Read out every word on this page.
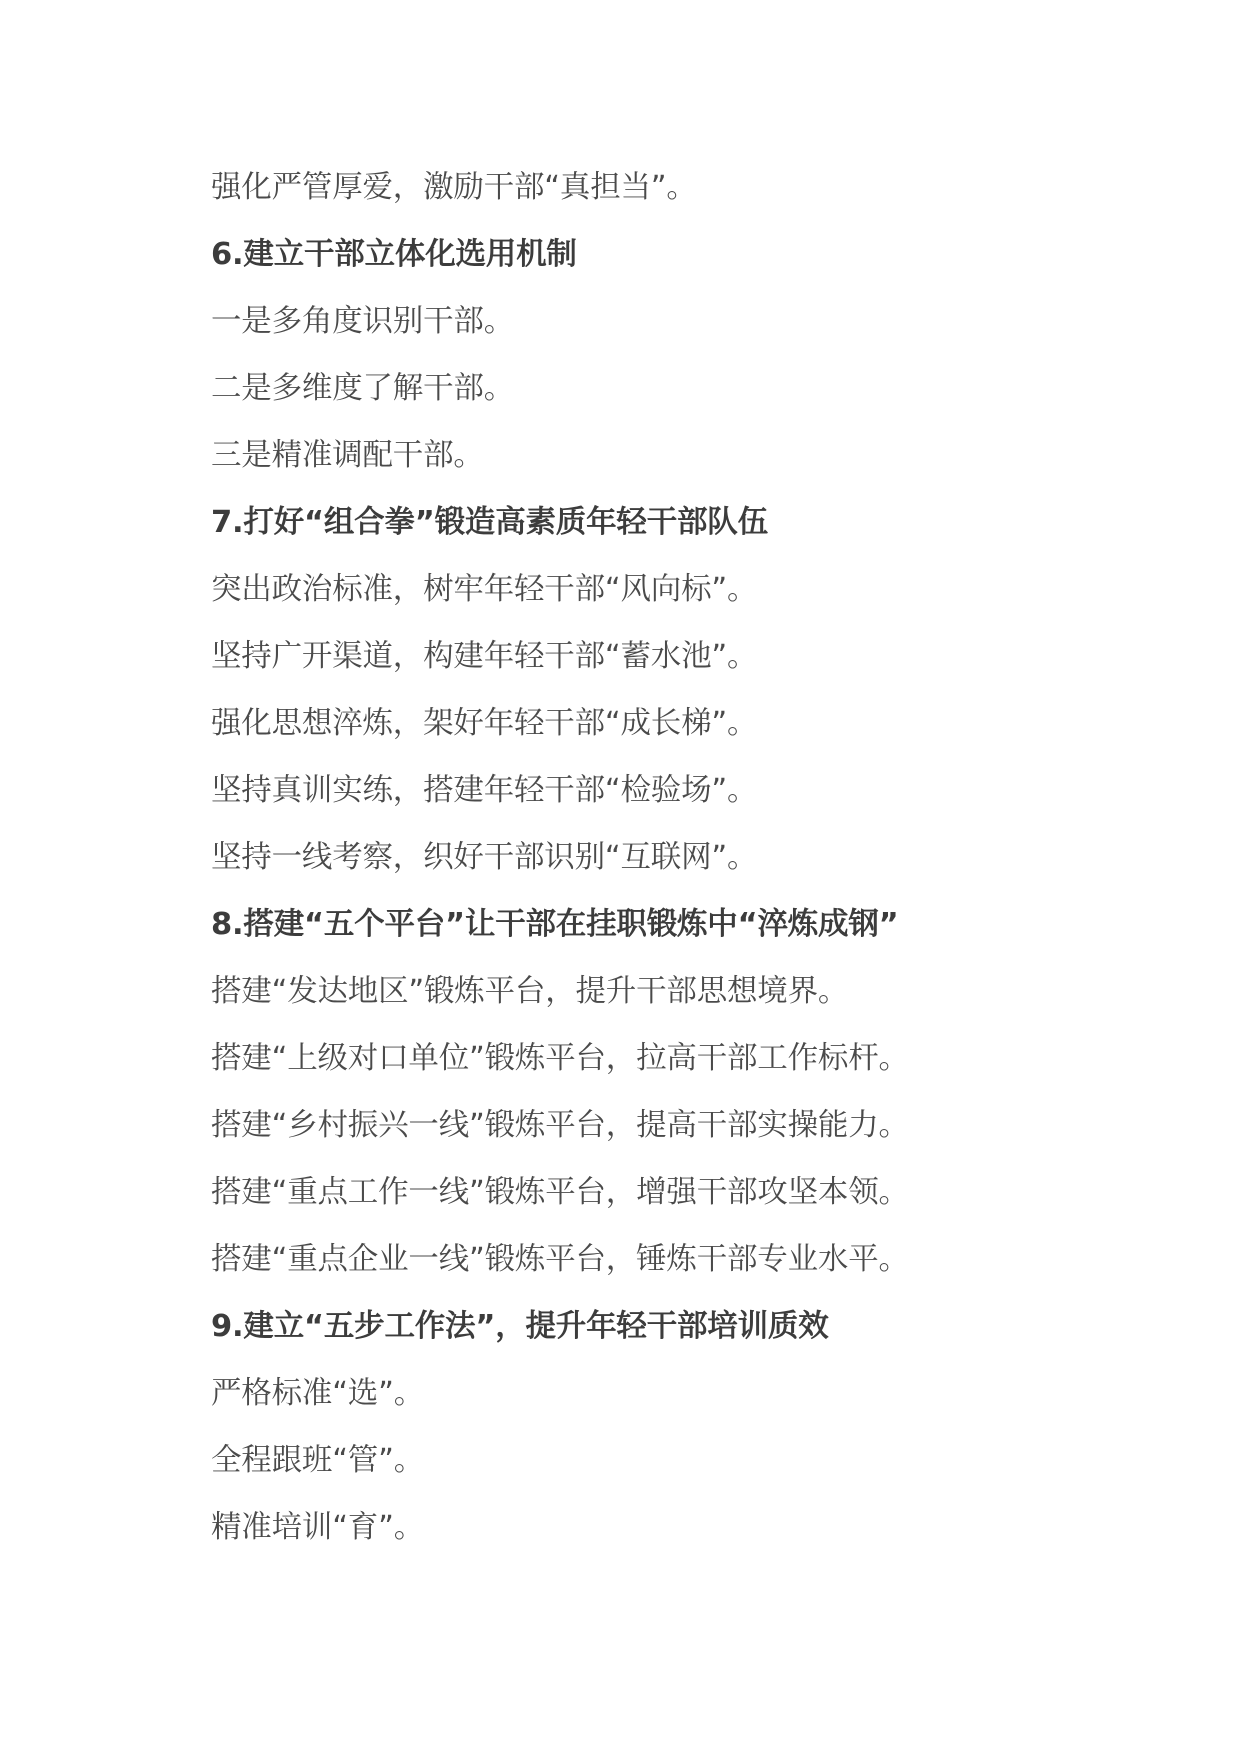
强化严管厚爱，激励干部“真担当”。
6.建立干部立体化选用机制
一是多角度识别干部。
二是多维度了解干部。
三是精准调配干部。
7.打好“组合拳”锻造高素质年轻干部队伍
突出政治标准，树牢年轻干部“风向标”。
坚持广开渠道，构建年轻干部“蓄水池”。
强化思想淬炼，架好年轻干部“成长梯”。
坚持真训实练，搭建年轻干部“检验场”。
坚持一线考察，织好干部识别“互联网”。
8.搭建“五个平台”让干部在挂职锻炼中“淬炼成钢”
搭建“发达地区”锻炼平台，提升干部思想境界。
搭建“上级对口单位”锻炼平台，拉高干部工作标杆。
搭建“乡村振兴一线”锻炼平台，提高干部实操能力。
搭建“重点工作一线”锻炼平台，增强干部攻坚本领。
搭建“重点企业一线”锻炼平台，锤炼干部专业水平。
9.建立“五步工作法”，提升年轻干部培训质效
严格标准“选”。
全程跟班“管”。
精准培训“育”。
